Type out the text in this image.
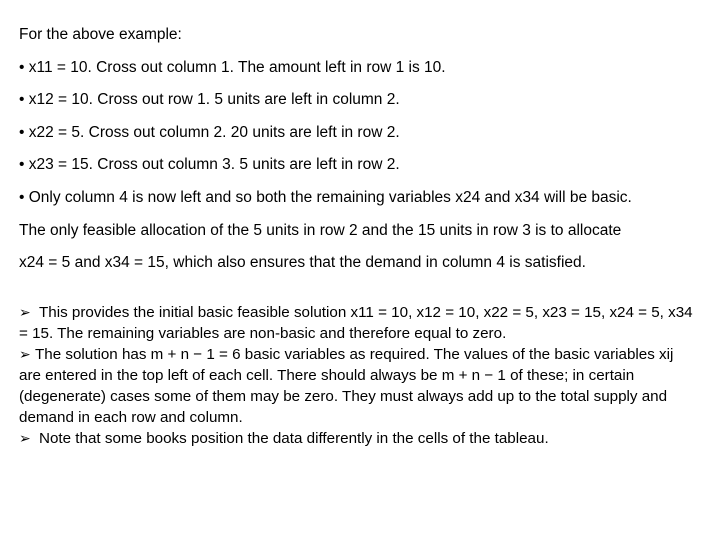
For the above example:
• x11 = 10. Cross out column 1. The amount left in row 1 is 10.
• x12 = 10. Cross out row 1. 5 units are left in column 2.
• x22 = 5. Cross out column 2. 20 units are left in row 2.
• x23 = 15. Cross out column 3. 5 units are left in row 2.
• Only column 4 is now left and so both the remaining variables x24 and x34 will be basic.
The only feasible allocation of the 5 units in row 2 and the 15 units in row 3 is to allocate
x24 = 5 and x34 = 15, which also ensures that the demand in column 4 is satisfied.

➢ This provides the initial basic feasible solution x11 = 10, x12 = 10, x22 = 5, x23 = 15, x24 = 5, x34 = 15. The remaining variables are non-basic and therefore equal to zero.

➢ The solution has m + n − 1 = 6 basic variables as required. The values of the basic variables xij are entered in the top left of each cell. There should always be m + n − 1 of these; in certain (degenerate) cases some of them may be zero. They must always add up to the total supply and demand in each row and column.

➢ Note that some books position the data differently in the cells of the tableau.
